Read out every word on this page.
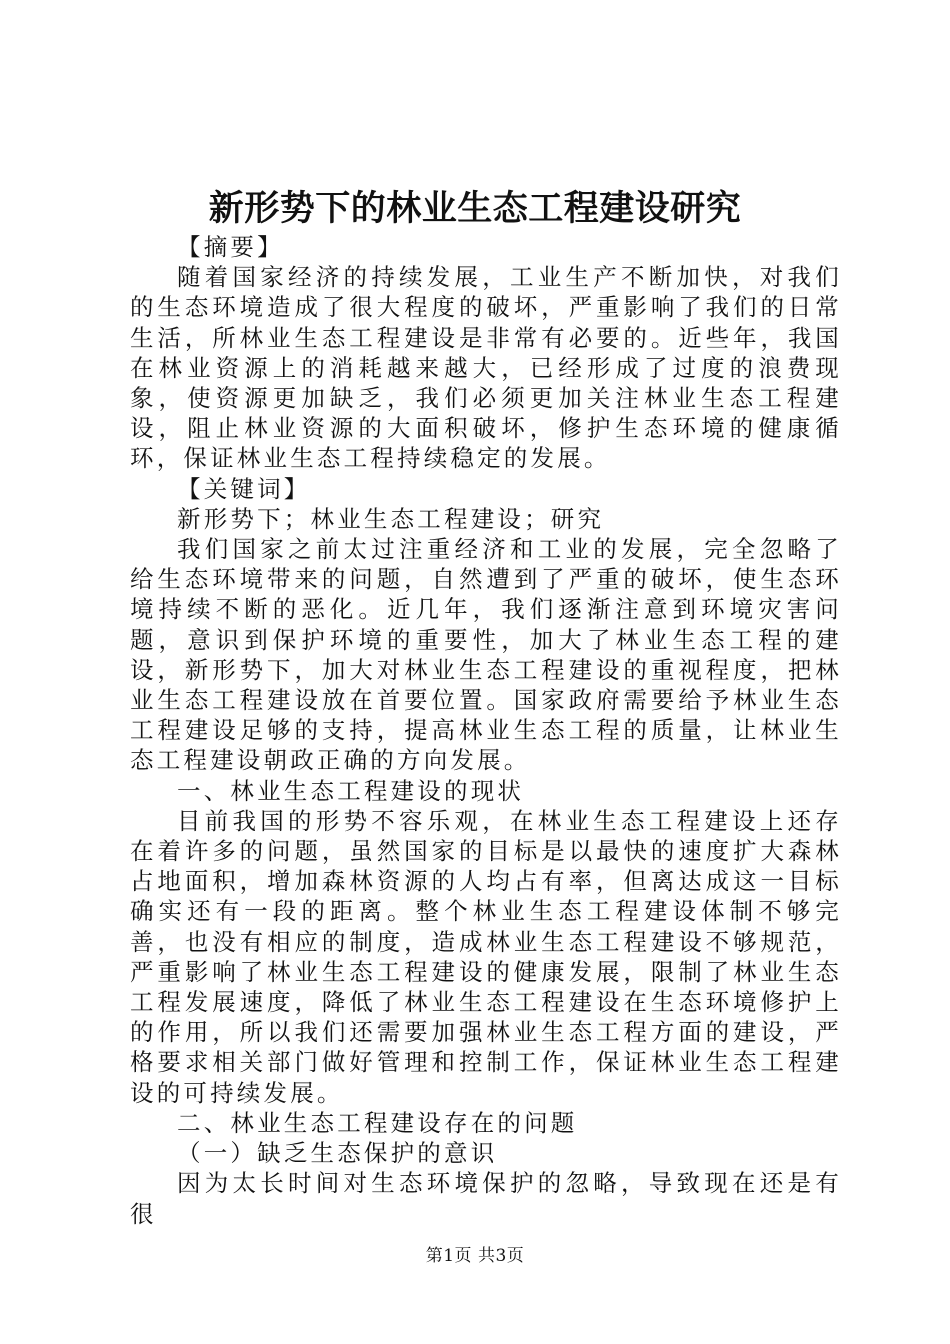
新形势下的林业生态工程建设研究

【摘要】

随着国家经济的持续发展，工业生产不断加快，对我们的生态环境造成了很大程度的破坏，严重影响了我们的日常生活，所林业生态工程建设是非常有必要的。近些年，我国在林业资源上的消耗越来越大，已经形成了过度的浪费现象，使资源更加缺乏，我们必须更加关注林业生态工程建设，阻止林业资源的大面积破坏，修护生态环境的健康循环，保证林业生态工程持续稳定的发展。

【关键词】

新形势下；林业生态工程建设；研究

我们国家之前太过注重经济和工业的发展，完全忽略了给生态环境带来的问题，自然遭到了严重的破坏，使生态环境持续不断的恶化。近几年，我们逐渐注意到环境灾害问题，意识到保护环境的重要性，加大了林业生态工程的建设，新形势下，加大对林业生态工程建设的重视程度，把林业生态工程建设放在首要位置。国家政府需要给予林业生态工程建设足够的支持，提高林业生态工程的质量，让林业生态工程建设朝政正确的方向发展。

一、林业生态工程建设的现状

目前我国的形势不容乐观，在林业生态工程建设上还存在着许多的问题，虽然国家的目标是以最快的速度扩大森林占地面积，增加森林资源的人均占有率，但离达成这一目标确实还有一段的距离。整个林业生态工程建设体制不够完善，也没有相应的制度，造成林业生态工程建设不够规范，严重影响了林业生态工程建设的健康发展，限制了林业生态工程发展速度，降低了林业生态工程建设在生态环境修护上的作用，所以我们还需要加强林业生态工程方面的建设，严格要求相关部门做好管理和控制工作，保证林业生态工程建设的可持续发展。

二、林业生态工程建设存在的问题

（一）缺乏生态保护的意识

因为太长时间对生态环境保护的忽略，导致现在还是有很

第1页 共3页
